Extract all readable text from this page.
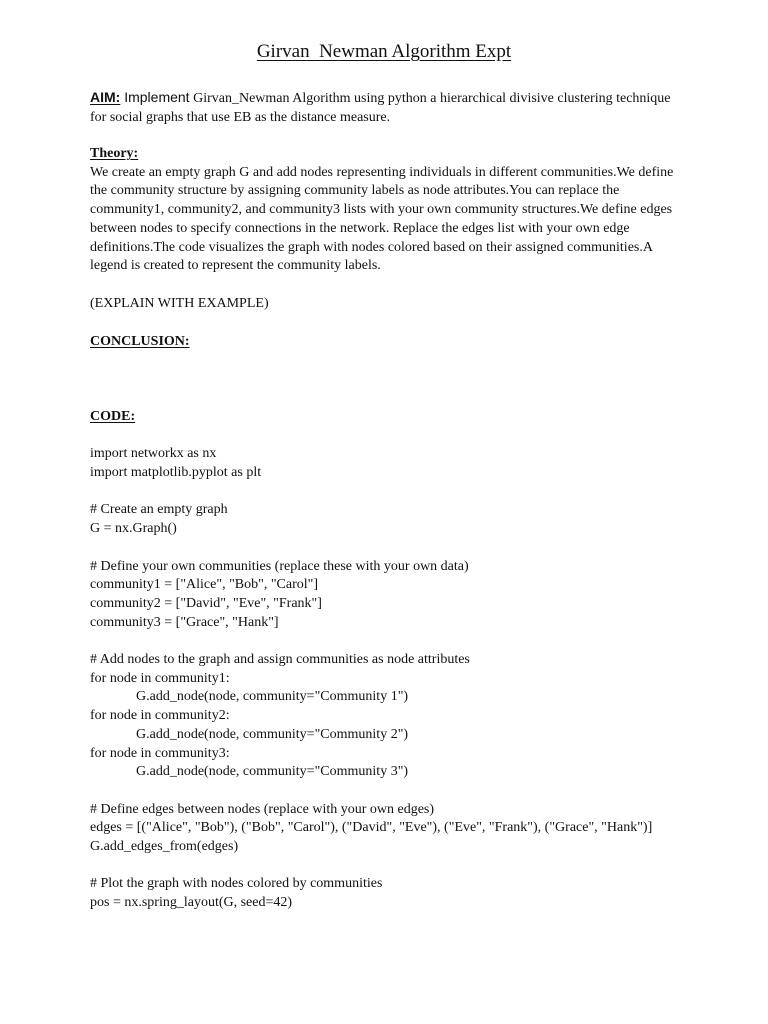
Girvan  Newman Algorithm Expt
AIM: Implement Girvan_Newman Algorithm using python a hierarchical divisive clustering technique
for social graphs that use EB as the distance measure.
Theory:
We create an empty graph G and add nodes representing individuals in different communities.We define
the community structure by assigning community labels as node attributes.You can replace the
community1, community2, and community3 lists with your own community structures.We define edges
between nodes to specify connections in the network. Replace the edges list with your own edge
definitions.The code visualizes the graph with nodes colored based on their assigned communities.A
legend is created to represent the community labels.
(EXPLAIN WITH EXAMPLE)
CONCLUSION:
CODE:
import networkx as nx
import matplotlib.pyplot as plt
# Create an empty graph
G = nx.Graph()
# Define your own communities (replace these with your own data)
community1 = ["Alice", "Bob", "Carol"]
community2 = ["David", "Eve", "Frank"]
community3 = ["Grace", "Hank"]
# Add nodes to the graph and assign communities as node attributes
for node in community1:
G.add_node(node, community="Community 1")
for node in community2:
G.add_node(node, community="Community 2")
for node in community3:
G.add_node(node, community="Community 3")
# Define edges between nodes (replace with your own edges)
edges = [("Alice", "Bob"), ("Bob", "Carol"), ("David", "Eve"), ("Eve", "Frank"), ("Grace", "Hank")]
G.add_edges_from(edges)
# Plot the graph with nodes colored by communities
pos = nx.spring_layout(G, seed=42)
